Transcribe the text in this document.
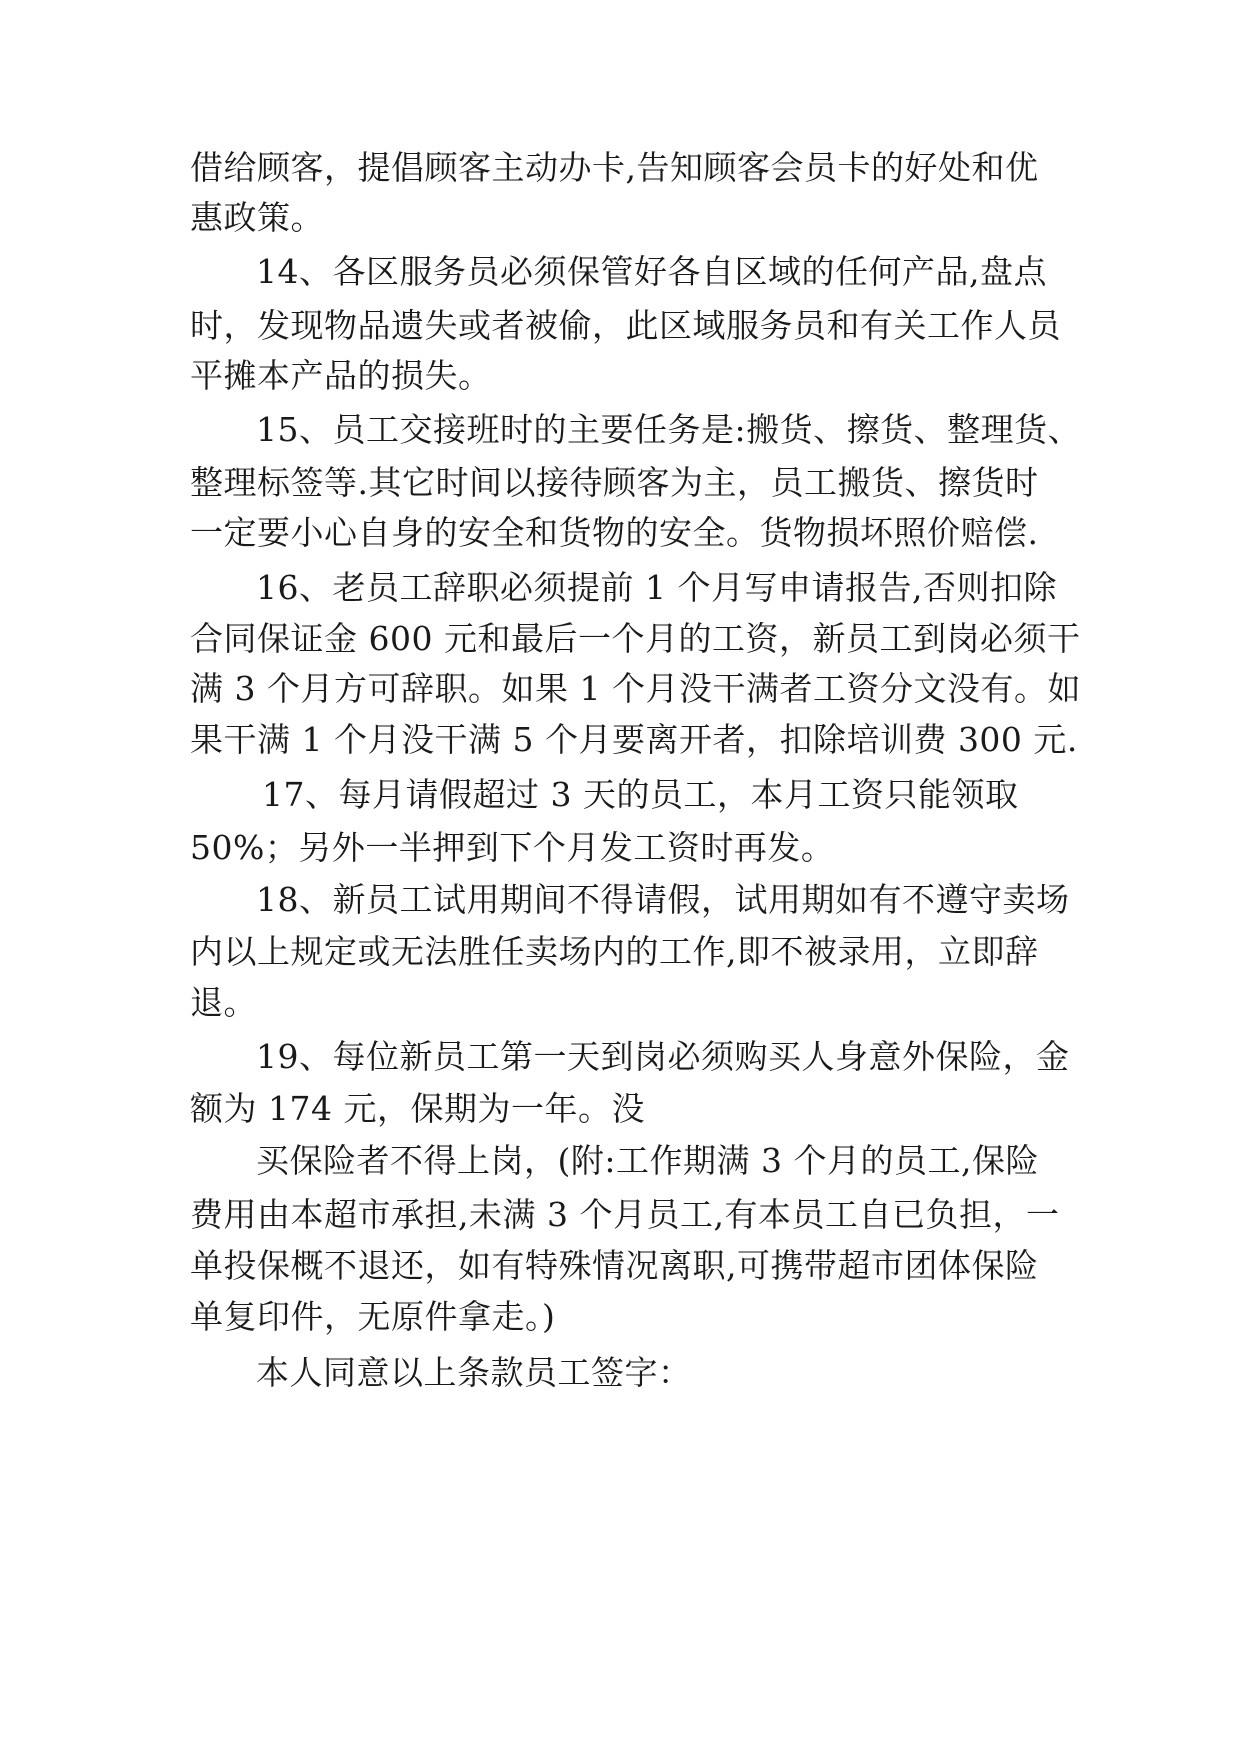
借给顾客，提倡顾客主动办卡,告知顾客会员卡的好处和优
惠政策。
14、各区服务员必须保管好各自区域的任何产品,盘点
时，发现物品遗失或者被偷，此区域服务员和有关工作人员
平摊本产品的损失。
15、员工交接班时的主要任务是:搬货、擦货、整理货、
整理标签等.其它时间以接待顾客为主，员工搬货、擦货时
一定要小心自身的安全和货物的安全。货物损坏照价赔偿.
16、老员工辞职必须提前 1 个月写申请报告,否则扣除
合同保证金 600 元和最后一个月的工资，新员工到岗必须干
满 3 个月方可辞职。如果 1 个月没干满者工资分文没有。如
果干满 1 个月没干满 5 个月要离开者，扣除培训费 300 元.
17、每月请假超过 3 天的员工，本月工资只能领取
50%；另外一半押到下个月发工资时再发。
18、新员工试用期间不得请假，试用期如有不遵守卖场
内以上规定或无法胜任卖场内的工作,即不被录用，立即辞
退。
19、每位新员工第一天到岗必须购买人身意外保险，金
额为 174 元，保期为一年。没
买保险者不得上岗，(附:工作期满 3 个月的员工,保险
费用由本超市承担,未满 3 个月员工,有本员工自已负担，一
单投保概不退还，如有特殊情况离职,可携带超市团体保险
单复印件，无原件拿走。)
本人同意以上条款员工签字：
